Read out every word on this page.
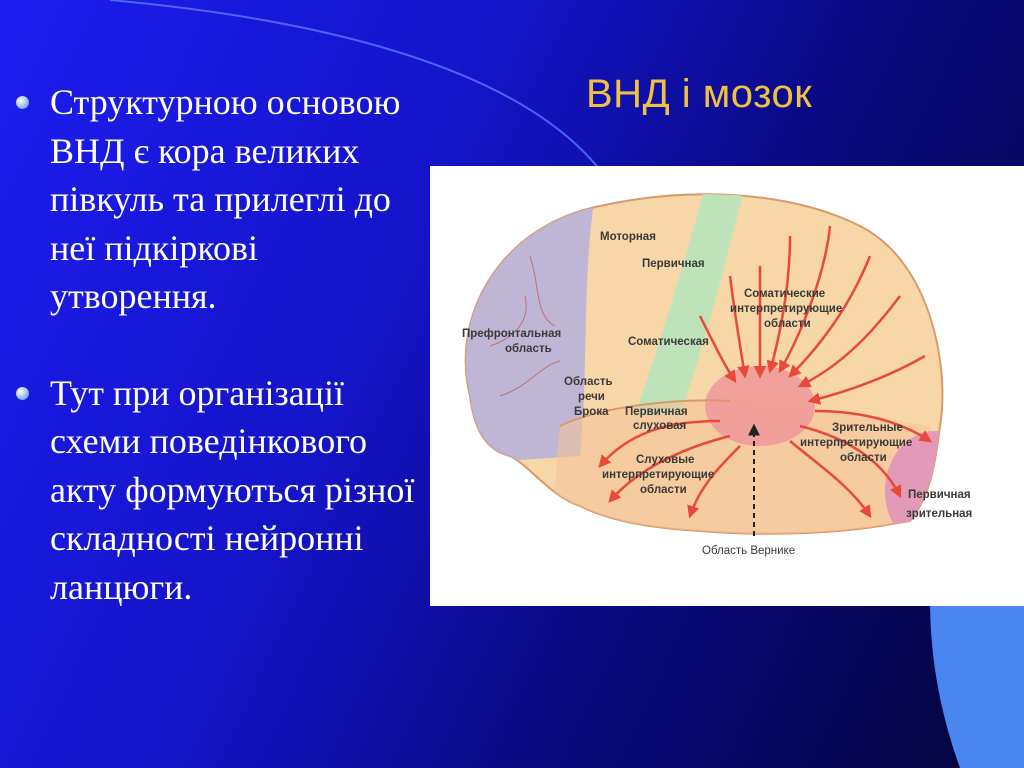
ВНД і мозок
Структурною основою ВНД є кора великих півкуль та прилеглі до неї підкіркові утворення.
Тут при організації схеми поведінкового акту формуються різної складності нейронні ланцюги.
Моторная
Первичная
Соматические
интерпретирующие
области
Префронтальная
область
Соматическая
Область
речи
Брока Первичная
слуховая
Слуховые
интерпретирующие
области
Зрительные
интерпретирующие
области
Первичная
зрительная
Область Вернике
